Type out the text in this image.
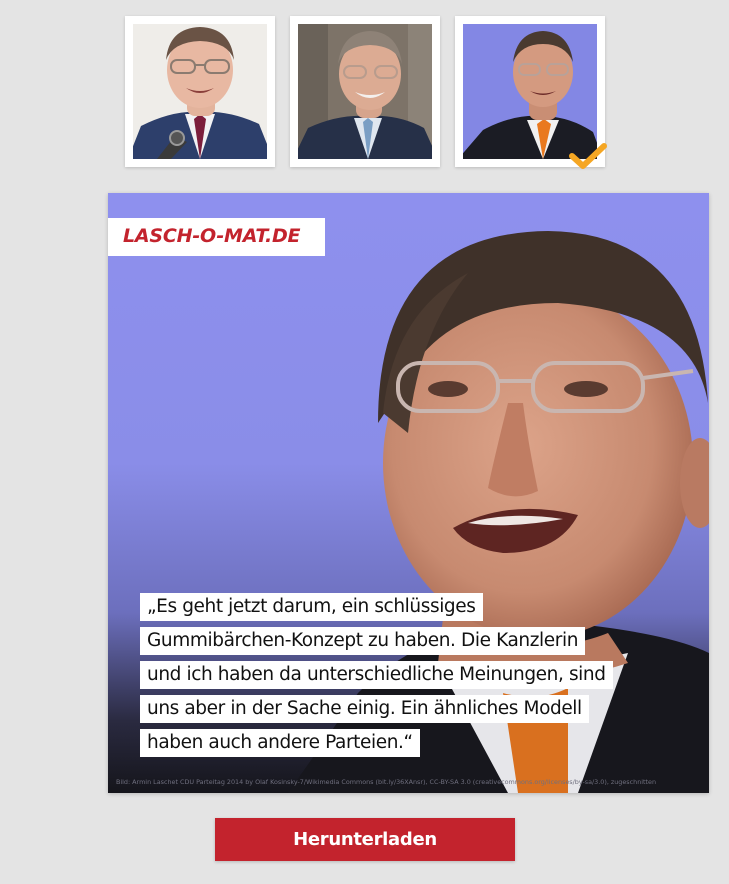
LASCH-O-MAT.DE
„Es geht jetzt darum, ein schlüssiges
Gummibärchen-Konzept zu haben. Die Kanzlerin
und ich haben da unterschiedliche Meinungen, sind
uns aber in der Sache einig. Ein ähnliches Modell
haben auch andere Parteien.“
Bild: Armin Laschet CDU Parteitag 2014 by Olaf Kosinsky-7/Wikimedia Commons (bit.ly/36XAnsr), CC-BY-SA 3.0 (creativecommons.org/licenses/by-sa/3.0), zugeschnitten
Herunterladen
